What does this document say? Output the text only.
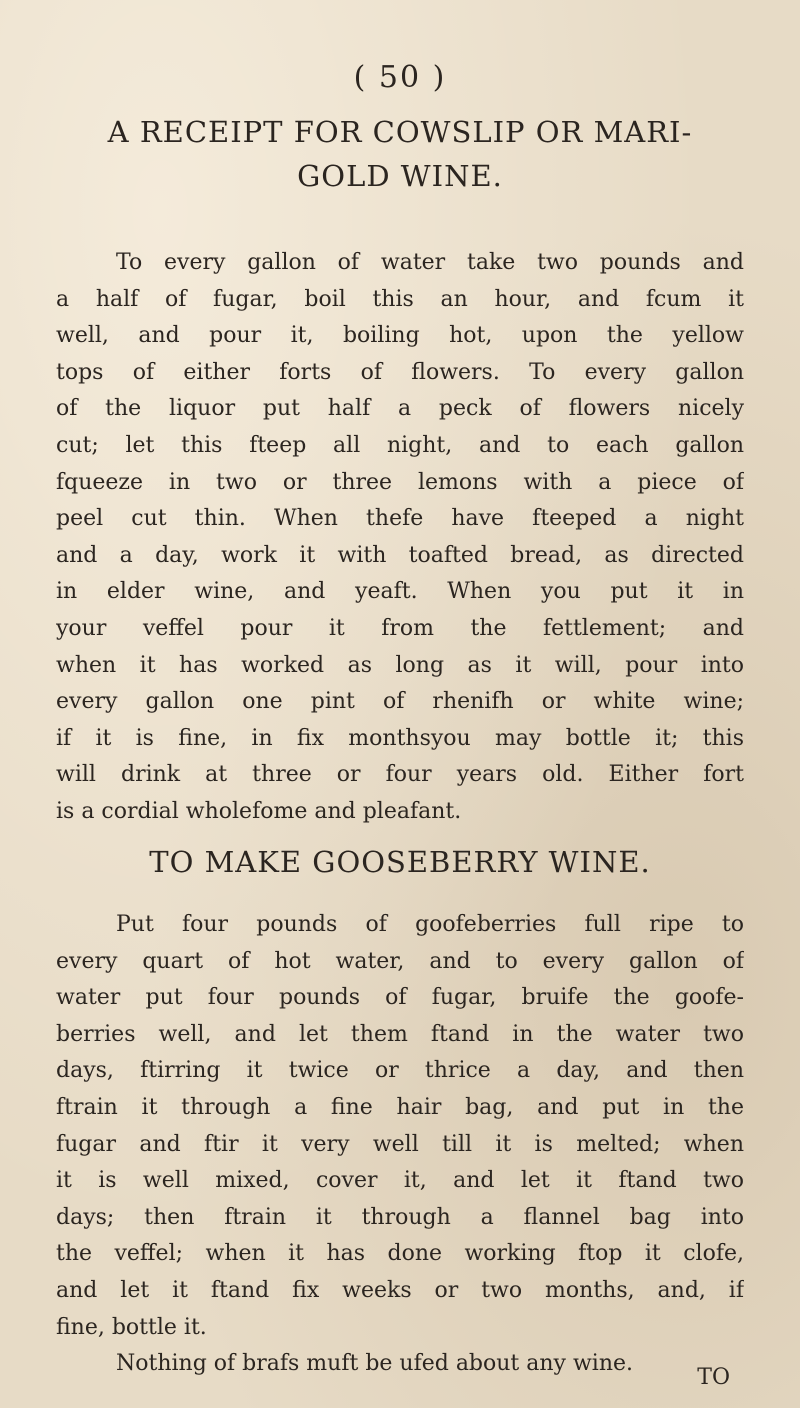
( 50 )
A RECEIPT FOR COWSLIP OR MARI-
GOLD WINE.
To every gallon of water take two pounds and
a half of fugar, boil this an hour, and fcum it
well, and pour it, boiling hot, upon the yellow
tops of either forts of flowers. To every gallon
of the liquor put half a peck of flowers nicely
cut; let this fteep all night, and to each gallon
fqueeze in two or three lemons with a piece of
peel cut thin. When thefe have fteeped a night
and a day, work it with toafted bread, as directed
in elder wine, and yeaft. When you put it in
your veffel pour it from the fettlement; and
when it has worked as long as it will, pour into
every gallon one pint of rhenifh or white wine;
if it is fine, in fix monthsyou may bottle it; this
will drink at three or four years old. Either fort
is a cordial wholefome and pleafant.
TO MAKE GOOSEBERRY WINE.
Put four pounds of goofeberries full ripe to
every quart of hot water, and to every gallon of
water put four pounds of fugar, bruife the goofe-
berries well, and let them ftand in the water two
days, ftirring it twice or thrice a day, and then
ftrain it through a fine hair bag, and put in the
fugar and ftir it very well till it is melted; when
it is well mixed, cover it, and let it ftand two
days; then ftrain it through a flannel bag into
the veffel; when it has done working ftop it clofe,
and let it ftand fix weeks or two months, and, if
fine, bottle it.
Nothing of brafs muft be ufed about any wine.
TO
